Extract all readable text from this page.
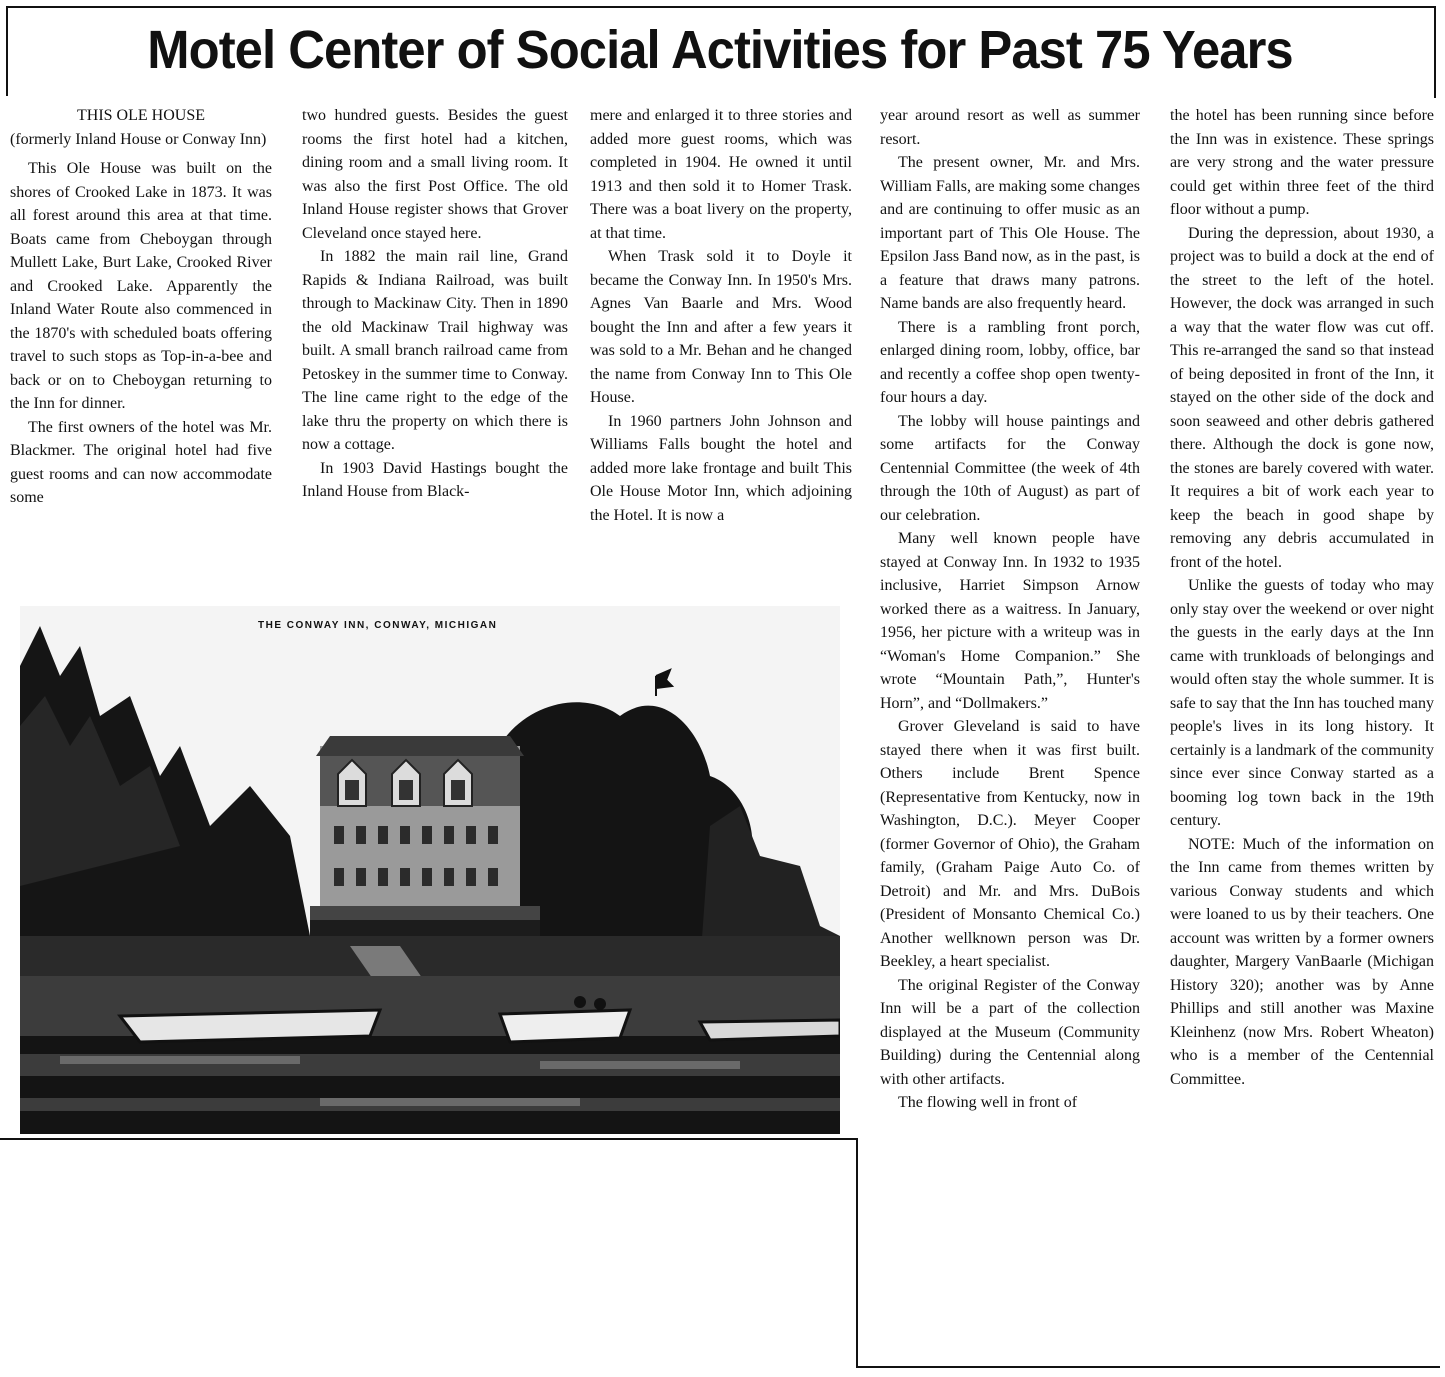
Motel Center of Social Activities for Past 75 Years

THIS OLE HOUSE

(formerly Inland House or Conway Inn)

This Ole House was built on the shores of Crooked Lake in 1873. It was all forest around this area at that time. Boats came from Cheboygan through Mullett Lake, Burt Lake, Crooked River and Crooked Lake. Apparently the Inland Water Route also commenced in the 1870's with scheduled boats offering travel to such stops as Top-in-a-bee and back or on to Cheboygan returning to the Inn for dinner.

The first owners of the hotel was Mr. Blackmer. The original hotel had five guest rooms and can now accommodate some

two hundred guests. Besides the guest rooms the first hotel had a kitchen, dining room and a small living room. It was also the first Post Office. The old Inland House register shows that Grover Cleveland once stayed here.

In 1882 the main rail line, Grand Rapids & Indiana Railroad, was built through to Mackinaw City. Then in 1890 the old Mackinaw Trail highway was built. A small branch railroad came from Petoskey in the summer time to Conway. The line came right to the edge of the lake thru the property on which there is now a cottage.

In 1903 David Hastings bought the Inland House from Black-

mere and enlarged it to three stories and added more guest rooms, which was completed in 1904. He owned it until 1913 and then sold it to Homer Trask. There was a boat livery on the property, at that time.

When Trask sold it to Doyle it became the Conway Inn. In 1950's Mrs. Agnes Van Baarle and Mrs. Wood bought the Inn and after a few years it was sold to a Mr. Behan and he changed the name from Conway Inn to This Ole House.

In 1960 partners John Johnson and Williams Falls bought the hotel and added more lake frontage and built This Ole House Motor Inn, which adjoining the Hotel. It is now a

year around resort as well as summer resort.

The present owner, Mr. and Mrs. William Falls, are making some changes and are continuing to offer music as an important part of This Ole House. The Epsilon Jass Band now, as in the past, is a feature that draws many patrons. Name bands are also frequently heard.

There is a rambling front porch, enlarged dining room, lobby, office, bar and recently a coffee shop open twenty-four hours a day.

The lobby will house paintings and some artifacts for the Conway Centennial Committee (the week of 4th through the 10th of August) as part of our celebration.

Many well known people have stayed at Conway Inn. In 1932 to 1935 inclusive, Harriet Simpson Arnow worked there as a waitress. In January, 1956, her picture with a writeup was in “Woman's Home Companion.” She wrote “Mountain Path,”, Hunter's Horn”, and “Dollmakers.”

Grover Gleveland is said to have stayed there when it was first built. Others include Brent Spence (Representative from Kentucky, now in Washington, D.C.). Meyer Cooper (former Governor of Ohio), the Graham family, (Graham Paige Auto Co. of Detroit) and Mr. and Mrs. DuBois (President of Monsanto Chemical Co.) Another wellknown person was Dr. Beekley, a heart specialist.

The original Register of the Conway Inn will be a part of the collection displayed at the Museum (Community Building) during the Centennial along with other artifacts.

The flowing well in front of

the hotel has been running since before the Inn was in existence. These springs are very strong and the water pressure could get within three feet of the third floor without a pump.

During the depression, about 1930, a project was to build a dock at the end of the street to the left of the hotel. However, the dock was arranged in such a way that the water flow was cut off. This re-arranged the sand so that instead of being deposited in front of the Inn, it stayed on the other side of the dock and soon seaweed and other debris gathered there. Although the dock is gone now, the stones are barely covered with water. It requires a bit of work each year to keep the beach in good shape by removing any debris accumulated in front of the hotel.

Unlike the guests of today who may only stay over the weekend or over night the guests in the early days at the Inn came with trunkloads of belongings and would often stay the whole summer. It is safe to say that the Inn has touched many people's lives in its long history. It certainly is a landmark of the community since ever since Conway started as a booming log town back in the 19th century.

NOTE: Much of the information on the Inn came from themes written by various Conway students and which were loaned to us by their teachers. One account was written by a former owners daughter, Margery VanBaarle (Michigan History 320); another was by Anne Phillips and still another was Maxine Kleinhenz (now Mrs. Robert Wheaton) who is a member of the Centennial Committee.

THE CONWAY INN, CONWAY, MICHIGAN
